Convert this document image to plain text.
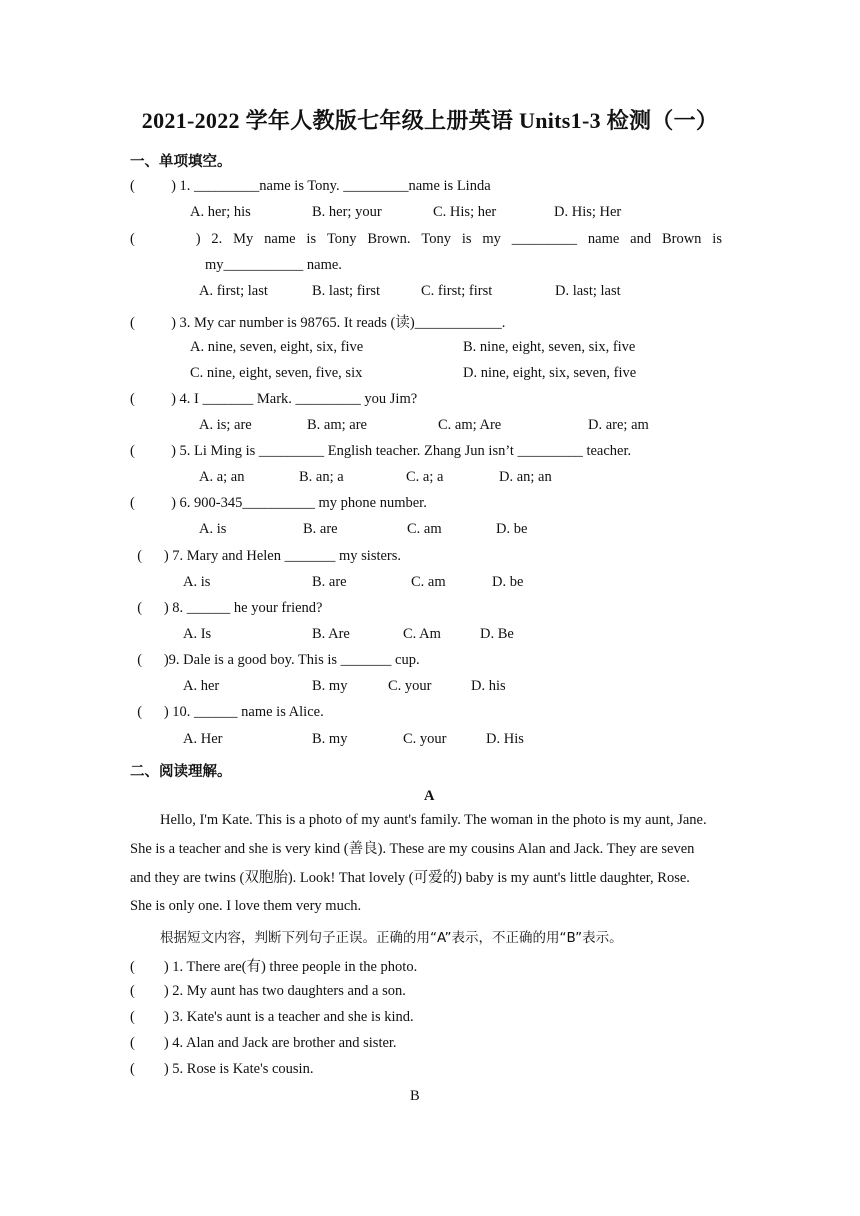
2021-2022 学年人教版七年级上册英语 Units1-3 检测（一）
一、单项填空。
(          ) 1. _________name is Tony. _________name is Linda
A. her; his	B. her; your	C. His; her	D. His; Her
(	) 2. My name is Tony Brown. Tony is my _________ name and Brown is
my___________ name.
A. first; last	B. last; first	C. first; first	D. last; last
(          ) 3. My car number is 98765. It reads (读)____________.
A. nine, seven, eight, six, five	B. nine, eight, seven, six, five
C. nine, eight, seven, five, six	D. nine, eight, six, seven, five
(          ) 4. I _______ Mark. _________ you Jim?
A. is; are	B. am; are	C. am; Are	D. are; am
(          ) 5. Li Ming is _________ English teacher. Zhang Jun isn’t _________ teacher.
A. a; an	B. an; a	C. a; a	D. an; an
(          ) 6. 900-345__________ my phone number.
A. is	B. are	C. am	D. be
(      ) 7. Mary and Helen _______ my sisters.
A. is	B. are	C. am	D. be
(      ) 8. ______ he your friend?
A. Is	B. Are	C. Am	D. Be
(      )9. Dale is a good boy. This is _______ cup.
A. her	B. my	C. your	D. his
(      ) 10. ______ name is Alice.
A. Her	B. my	C. your	D. His
二、阅读理解。
A
Hello, I'm Kate. This is a photo of my aunt's family. The woman in the photo is my aunt, Jane.
She is a teacher and she is very kind (善良). These are my cousins Alan and Jack. They are seven
and they are twins (双胞胎). Look! That lovely (可爱的) baby is my aunt's little daughter, Rose.
She is only one. I love them very much.
根据短文内容，判断下列句子正误。正确的用“A”表示，不正确的用“B”表示。
(        ) 1. There are(有) three people in the photo.
(        ) 2. My aunt has two daughters and a son.
(        ) 3. Kate's aunt is a teacher and she is kind.
(        ) 4. Alan and Jack are brother and sister.
(        ) 5. Rose is Kate's cousin.
B
